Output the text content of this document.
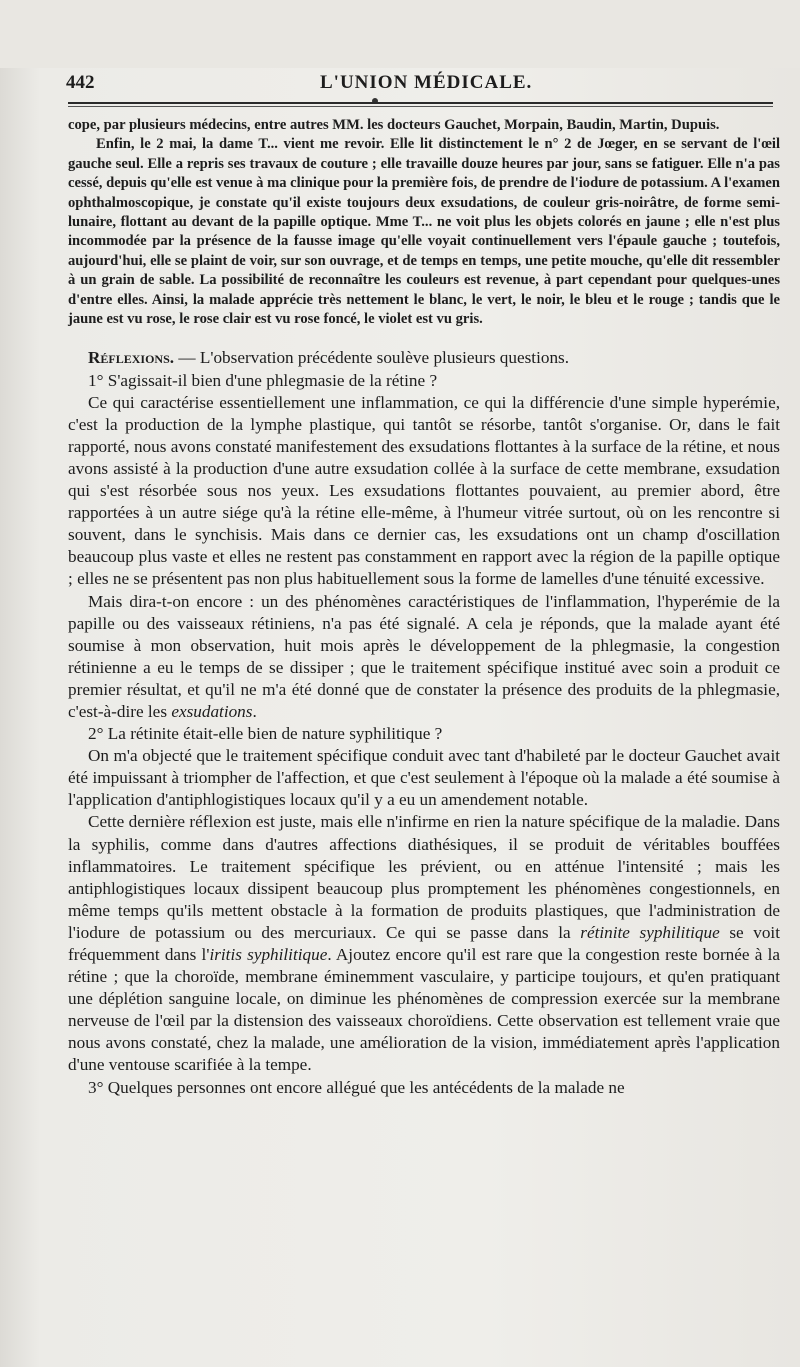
442	L'UNION MÉDICALE.

cope, par plusieurs médecins, entre autres MM. les docteurs Gauchet, Morpain, Baudin, Martin, Dupuis.

Enfin, le 2 mai, la dame T... vient me revoir. Elle lit distinctement le n° 2 de Jœger, en se servant de l'œil gauche seul. Elle a repris ses travaux de couture ; elle travaille douze heures par jour, sans se fatiguer. Elle n'a pas cessé, depuis qu'elle est venue à ma clinique pour la première fois, de prendre de l'iodure de potassium. A l'examen ophthalmoscopique, je constate qu'il existe toujours deux exsudations, de couleur gris-noirâtre, de forme semi-lunaire, flottant au devant de la papille optique. Mme T... ne voit plus les objets colorés en jaune ; elle n'est plus incommodée par la présence de la fausse image qu'elle voyait continuellement vers l'épaule gauche ; toutefois, aujourd'hui, elle se plaint de voir, sur son ouvrage, et de temps en temps, une petite mouche, qu'elle dit ressembler à un grain de sable. La possibilité de reconnaître les couleurs est revenue, à part cependant pour quelques-unes d'entre elles. Ainsi, la malade apprécie très nettement le blanc, le vert, le noir, le bleu et le rouge ; tandis que le jaune est vu rose, le rose clair est vu rose foncé, le violet est vu gris.

Réflexions. — L'observation précédente soulève plusieurs questions.

1° S'agissait-il bien d'une phlegmasie de la rétine ?

Ce qui caractérise essentiellement une inflammation, ce qui la différencie d'une simple hyperémie, c'est la production de la lymphe plastique, qui tantôt se résorbe, tantôt s'organise. Or, dans le fait rapporté, nous avons constaté manifestement des exsudations flottantes à la surface de la rétine, et nous avons assisté à la production d'une autre exsudation collée à la surface de cette membrane, exsudation qui s'est résorbée sous nos yeux. Les exsudations flottantes pouvaient, au premier abord, être rapportées à un autre siége qu'à la rétine elle-même, à l'humeur vitrée surtout, où on les rencontre si souvent, dans le synchisis. Mais dans ce dernier cas, les exsudations ont un champ d'oscillation beaucoup plus vaste et elles ne restent pas constamment en rapport avec la région de la papille optique ; elles ne se présentent pas non plus habituellement sous la forme de lamelles d'une ténuité excessive.

Mais dira-t-on encore : un des phénomènes caractéristiques de l'inflammation, l'hyperémie de la papille ou des vaisseaux rétiniens, n'a pas été signalé. A cela je réponds, que la malade ayant été soumise à mon observation, huit mois après le développement de la phlegmasie, la congestion rétinienne a eu le temps de se dissiper ; que le traitement spécifique institué avec soin a produit ce premier résultat, et qu'il ne m'a été donné que de constater la présence des produits de la phlegmasie, c'est-à-dire les exsudations.

2° La rétinite était-elle bien de nature syphilitique ?

On m'a objecté que le traitement spécifique conduit avec tant d'habileté par le docteur Gauchet avait été impuissant à triompher de l'affection, et que c'est seulement à l'époque où la malade a été soumise à l'application d'antiphlogistiques locaux qu'il y a eu un amendement notable.

Cette dernière réflexion est juste, mais elle n'infirme en rien la nature spécifique de la maladie. Dans la syphilis, comme dans d'autres affections diathésiques, il se produit de véritables bouffées inflammatoires. Le traitement spécifique les prévient, ou en atténue l'intensité ; mais les antiphlogistiques locaux dissipent beaucoup plus promptement les phénomènes congestionnels, en même temps qu'ils mettent obstacle à la formation de produits plastiques, que l'administration de l'iodure de potassium ou des mercuriaux. Ce qui se passe dans la rétinite syphilitique se voit fréquemment dans l'iritis syphilitique. Ajoutez encore qu'il est rare que la congestion reste bornée à la rétine ; que la choroïde, membrane éminemment vasculaire, y participe toujours, et qu'en pratiquant une déplétion sanguine locale, on diminue les phénomènes de compression exercée sur la membrane nerveuse de l'œil par la distension des vaisseaux choroïdiens. Cette observation est tellement vraie que nous avons constaté, chez la malade, une amélioration de la vision, immédiatement après l'application d'une ventouse scarifiée à la tempe.

3° Quelques personnes ont encore allégué que les antécédents de la malade ne
